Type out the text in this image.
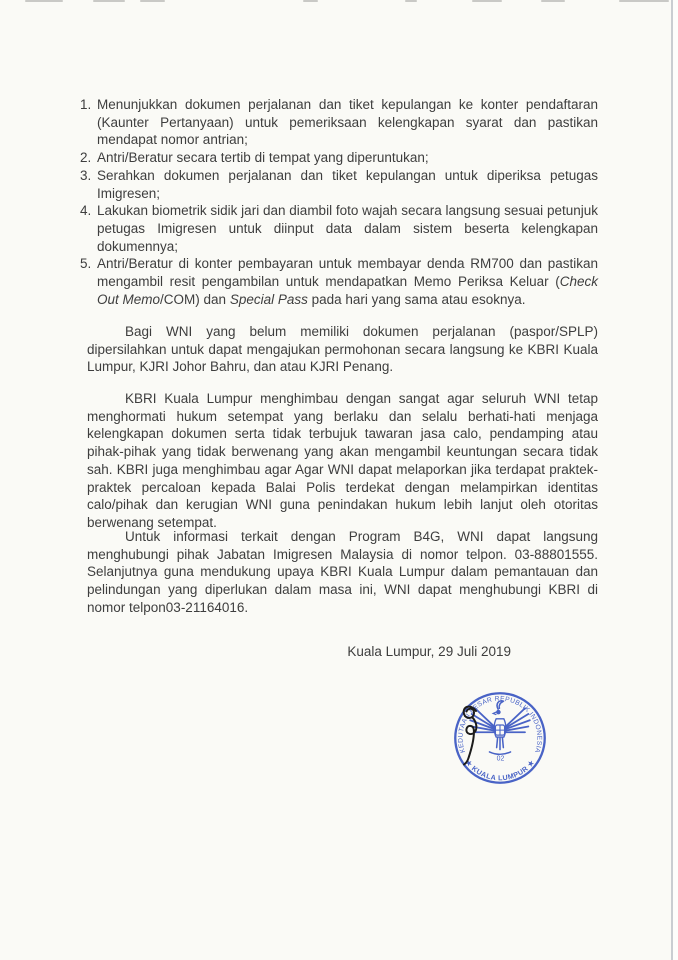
1. Menunjukkan dokumen perjalanan dan tiket kepulangan ke konter pendaftaran (Kaunter Pertanyaan) untuk pemeriksaan kelengkapan syarat dan pastikan mendapat nomor antrian;
2. Antri/Beratur secara tertib di tempat yang diperuntukan;
3. Serahkan dokumen perjalanan dan tiket kepulangan untuk diperiksa petugas Imigresen;
4. Lakukan biometrik sidik jari dan diambil foto wajah secara langsung sesuai petunjuk petugas Imigresen untuk diinput data dalam sistem beserta kelengkapan dokumennya;
5. Antri/Beratur di konter pembayaran untuk membayar denda RM700 dan pastikan mengambil resit pengambilan untuk mendapatkan Memo Periksa Keluar (Check Out Memo/COM) dan Special Pass pada hari yang sama atau esoknya.

Bagi WNI yang belum memiliki dokumen perjalanan (paspor/SPLP) dipersilahkan untuk dapat mengajukan permohonan secara langsung ke KBRI Kuala Lumpur, KJRI Johor Bahru, dan atau KJRI Penang.

KBRI Kuala Lumpur menghimbau dengan sangat agar seluruh WNI tetap menghormati hukum setempat yang berlaku dan selalu berhati-hati menjaga kelengkapan dokumen serta tidak terbujuk tawaran jasa calo, pendamping atau pihak-pihak yang tidak berwenang yang akan mengambil keuntungan secara tidak sah. KBRI juga menghimbau agar Agar WNI dapat melaporkan jika terdapat praktek-praktek percaloan kepada Balai Polis terdekat dengan melampirkan identitas calo/pihak dan kerugian WNI guna penindakan hukum lebih lanjut oleh otoritas berwenang setempat.

Untuk informasi terkait dengan Program B4G, WNI dapat langsung menghubungi pihak Jabatan Imigresen Malaysia di nomor telpon. 03-88801555. Selanjutnya guna mendukung upaya KBRI Kuala Lumpur dalam pemantauan dan pelindungan yang diperlukan dalam masa ini, WNI dapat menghubungi KBRI di nomor telpon03-21164016.

Kuala Lumpur, 29 Juli 2019

KEDUTAAN BESAR REPUBLIK INDONESIA
★ KUALA LUMPUR ★
02
